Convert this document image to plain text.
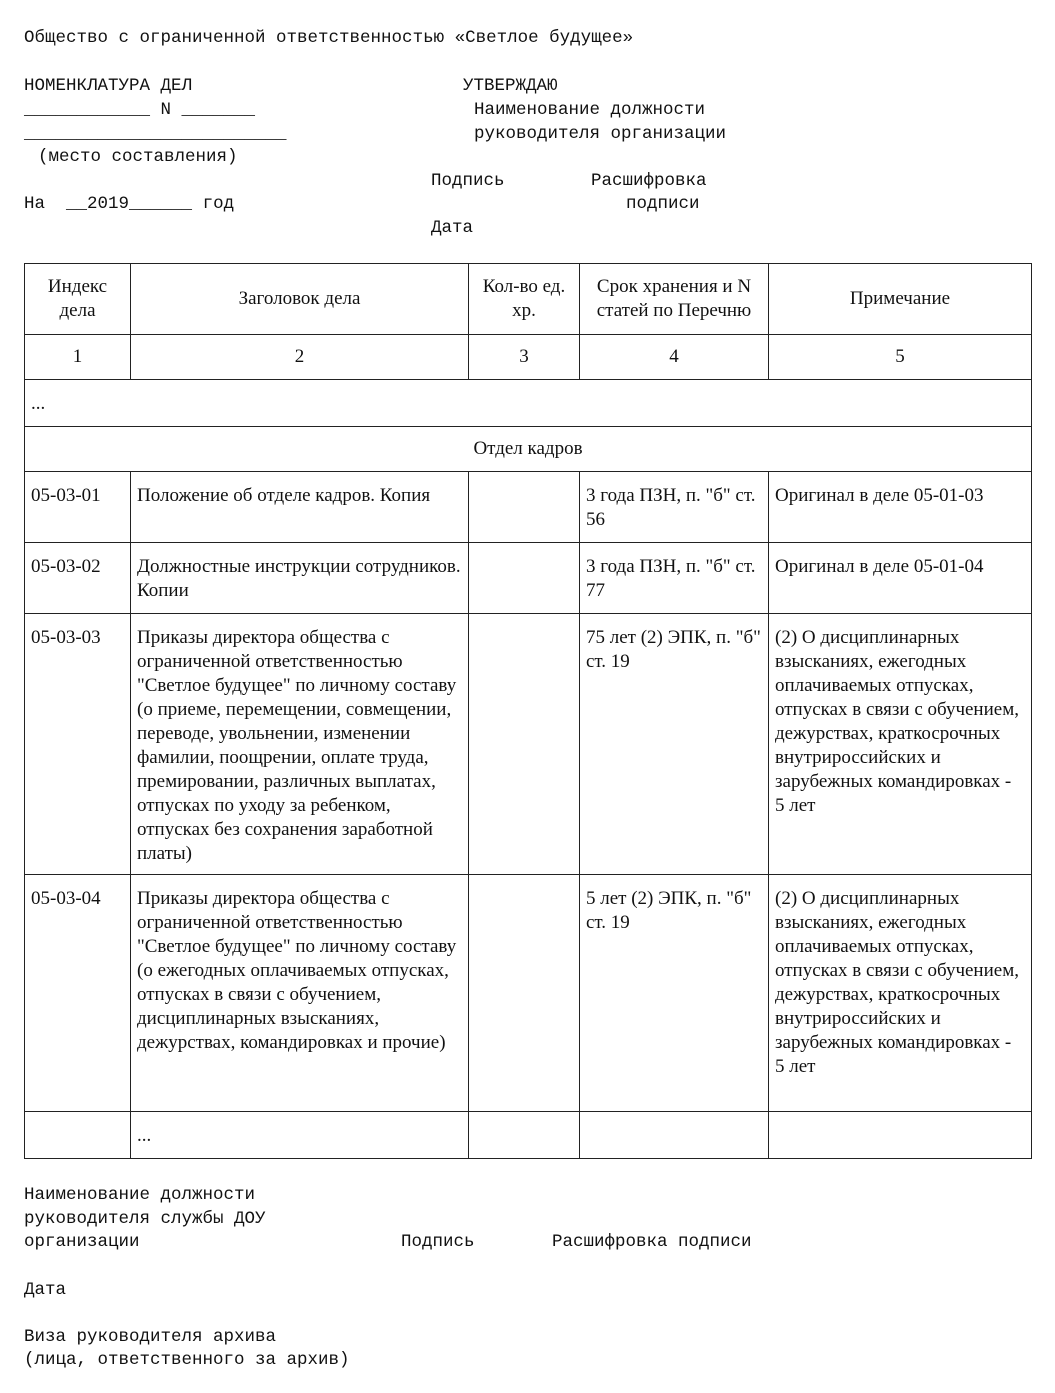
Общество с ограниченной ответственностью «Светлое будущее»
НОМЕНКЛАТУРА ДЕЛ
____________ N _______
_________________________
(место составления)
На __2019______ год
УТВЕРЖДАЮ
Наименование должности
руководителя организации
Подпись	Расшифровка
подписи
Дата
Индекс дела	Заголовок дела	Кол-во ед. хр.	Срок хранения и N статей по Перечню	Примечание
1	2	3	4	5
...				
Отдел кадров				
05-03-01	Положение об отделе кадров. Копия		3 года ПЗН, п. "б" ст. 56	Оригинал в деле 05-01-03
05-03-02	Должностные инструкции сотрудников. Копии		3 года ПЗН, п. "б" ст. 77	Оригинал в деле 05-01-04
05-03-03	Приказы директора общества с ограниченной ответственностью "Светлое будущее" по личному составу (о приеме, перемещении, совмещении, переводе, увольнении, изменении фамилии, поощрении, оплате труда, премировании, различных выплатах, отпусках по уходу за ребенком, отпусках без сохранения заработной платы)		75 лет (2) ЭПК, п. "б" ст. 19	(2) О дисциплинарных взысканиях, ежегодных оплачиваемых отпусках, отпусках в связи с обучением, дежурствах, краткосрочных внутрироссийских и зарубежных командировках - 5 лет
05-03-04	Приказы директора общества с ограниченной ответственностью "Светлое будущее" по личному составу (о ежегодных оплачиваемых отпусках, отпусках в связи с обучением, дисциплинарных взысканиях, дежурствах, командировках и прочие)		5 лет (2) ЭПК, п. "б" ст. 19	(2) О дисциплинарных взысканиях, ежегодных оплачиваемых отпусках, отпусках в связи с обучением, дежурствах, краткосрочных внутрироссийских и зарубежных командировках - 5 лет
	...			
Наименование должности
руководителя службы ДОУ
организации	Подпись	Расшифровка подписи
Дата
Виза руководителя архива
(лица, ответственного за архив)
